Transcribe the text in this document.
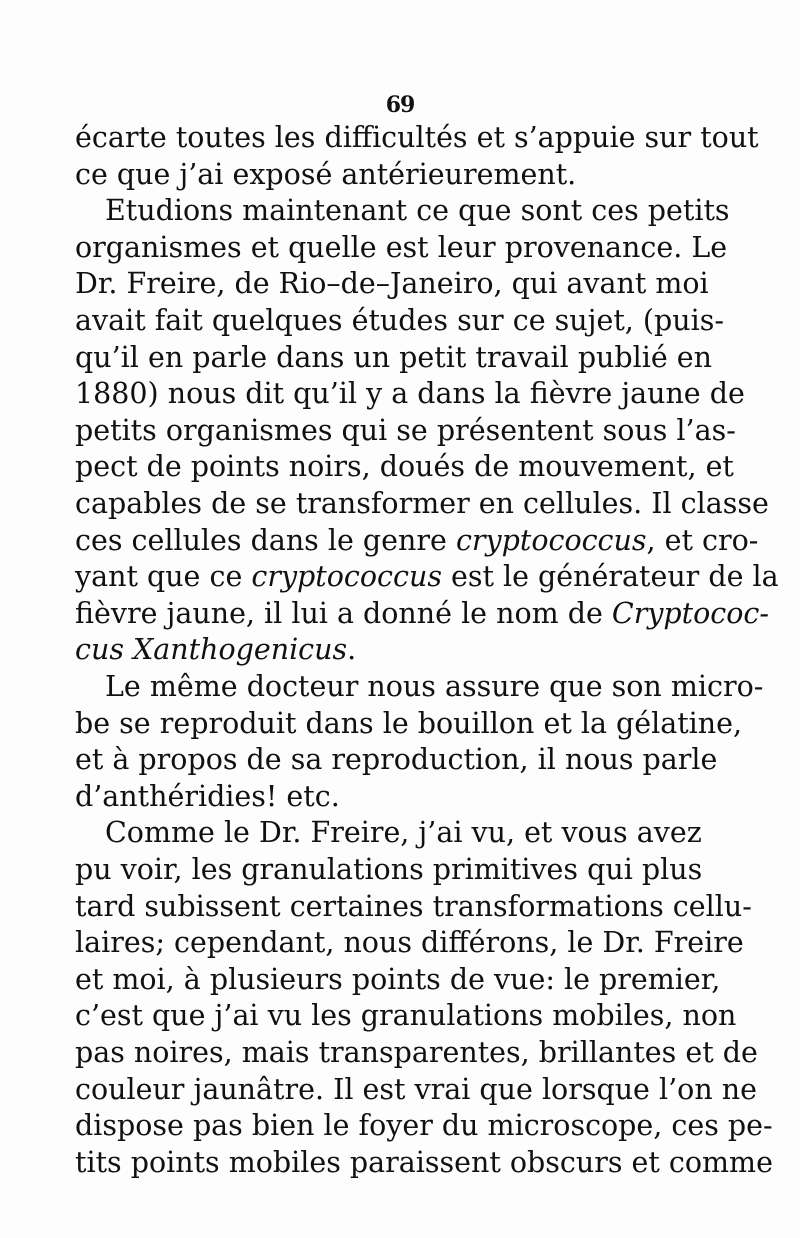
69
écarte toutes les difficultés et s’appuie sur tout
ce que j’ai exposé antérieurement.
Etudions maintenant ce que sont ces petits
organismes et quelle est leur provenance. Le
Dr. Freire, de Rio–de–Janeiro, qui avant moi
avait fait quelques études sur ce sujet, (puis-
qu’il en parle dans un petit travail publié en
1880) nous dit qu’il y a dans la fièvre jaune de
petits organismes qui se présentent sous l’as-
pect de points noirs, doués de mouvement, et
capables de se transformer en cellules. Il classe
ces cellules dans le genre cryptococcus, et cro-
yant que ce cryptococcus est le générateur de la
fièvre jaune, il lui a donné le nom de Cryptococ-
cus Xanthogenicus.
Le même docteur nous assure que son micro-
be se reproduit dans le bouillon et la gélatine,
et à propos de sa reproduction, il nous parle
d’anthéridies! etc.
Comme le Dr. Freire, j’ai vu, et vous avez
pu voir, les granulations primitives qui plus
tard subissent certaines transformations cellu-
laires; cependant, nous différons, le Dr. Freire
et moi, à plusieurs points de vue: le premier,
c’est que j’ai vu les granulations mobiles, non
pas noires, mais transparentes, brillantes et de
couleur jaunâtre. Il est vrai que lorsque l’on ne
dispose pas bien le foyer du microscope, ces pe-
tits points mobiles paraissent obscurs et comme
